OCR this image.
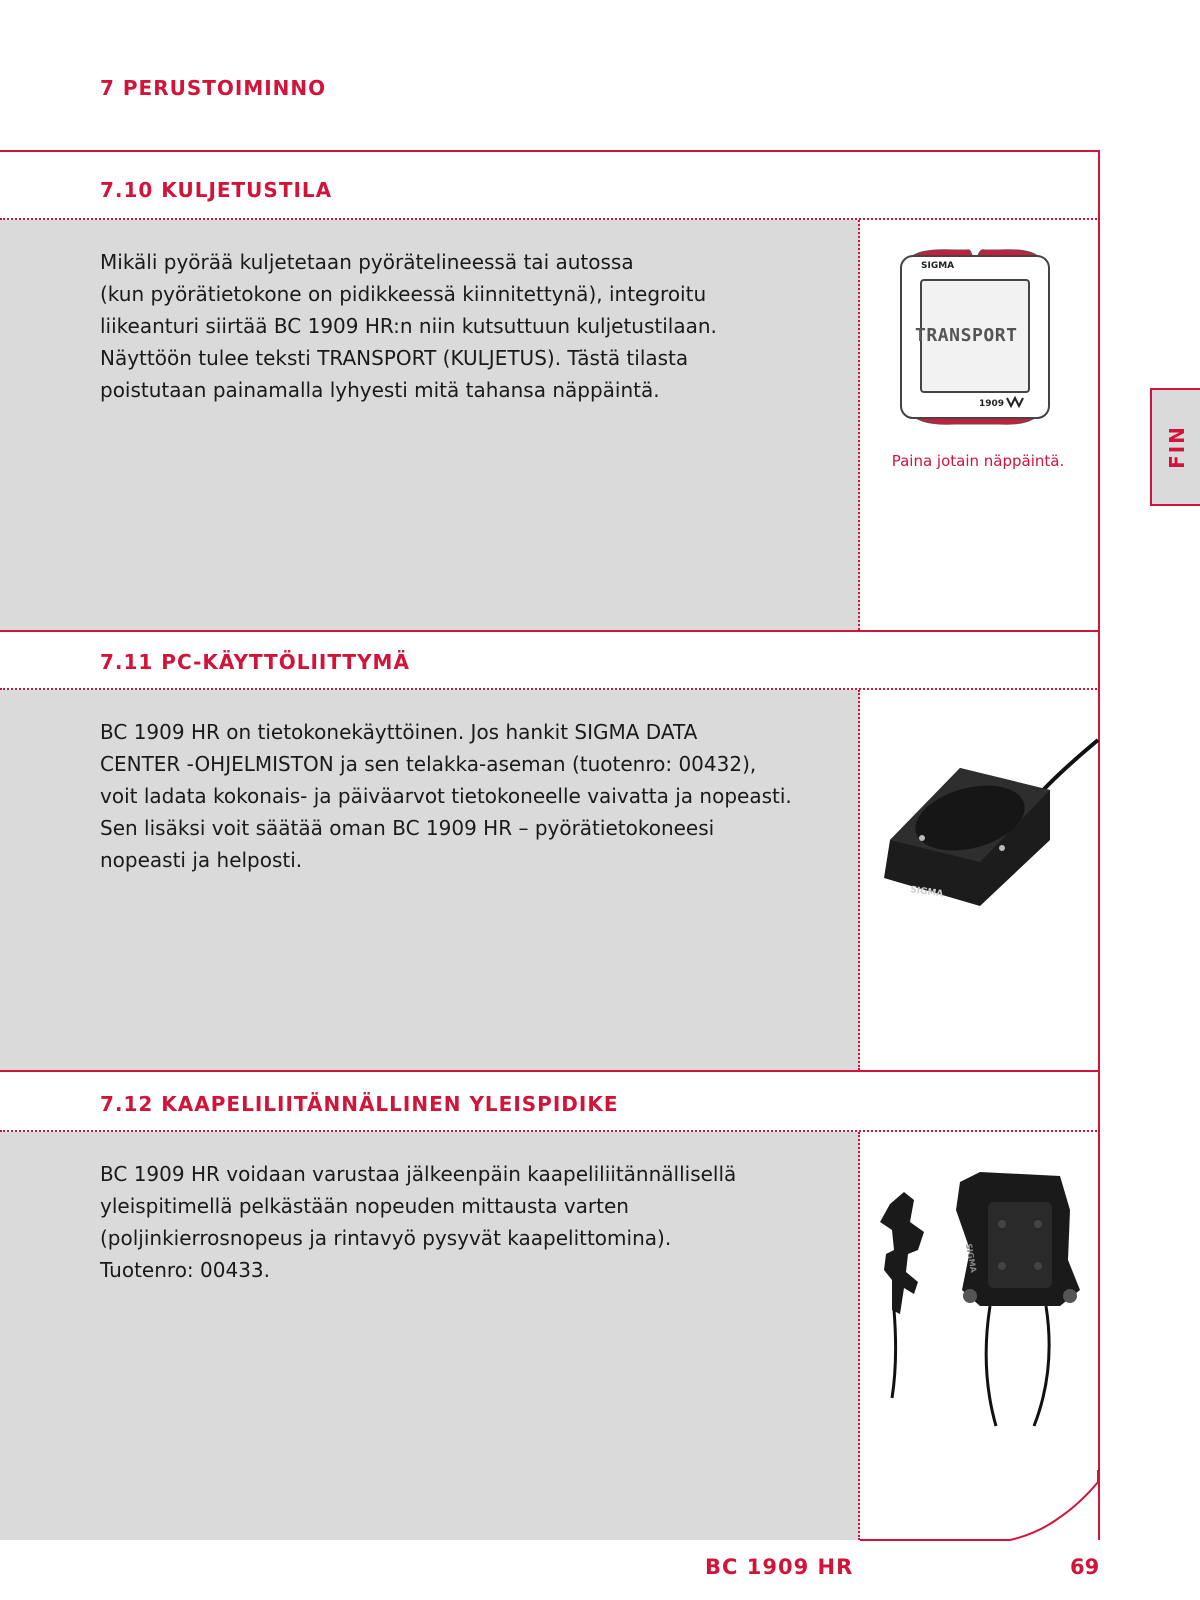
7 PERUSTOIMINNO
7.10 KULJETUSTILA

Mikäli pyörää kuljetetaan pyörätelineessä tai autossa

(kun pyörätietokone on pidikkeessä kiinnitettynä), integroitu

liikeanturi siirtää BC 1909 HR:n niin kutsuttuun kuljetustilaan.

Näyttöön tulee teksti TRANSPORT (KULJETUS). Tästä tilasta

poistutaan painamalla lyhyesti mitä tahansa näppäintä.

TRANSPORT
SIGMA
1909
Paina jotain näppäintä.
7.11 PC-KÄYTTÖLIITTYMÄ

BC 1909 HR on tietokonekäyttöinen. Jos hankit SIGMA DATA

CENTER -OHJELMISTON ja sen telakka-aseman (tuotenro: 00432),

voit ladata kokonais- ja päiväarvot tietokoneelle vaivatta ja nopeasti.

Sen lisäksi voit säätää oman BC 1909 HR – pyörätietokoneesi

nopeasti ja helposti.

SIGMA
7.12 KAAPELILIITÄNNÄLLINEN YLEISPIDIKE

BC 1909 HR voidaan varustaa jälkeenpäin kaapeliliitännällisellä

yleispitimellä pelkästään nopeuden mittausta varten

(poljinkierrosnopeus ja rintavyö pysyvät kaapelittomina).

Tuotenro: 00433.	SIGMA
FIN
BC 1909 HR	69
